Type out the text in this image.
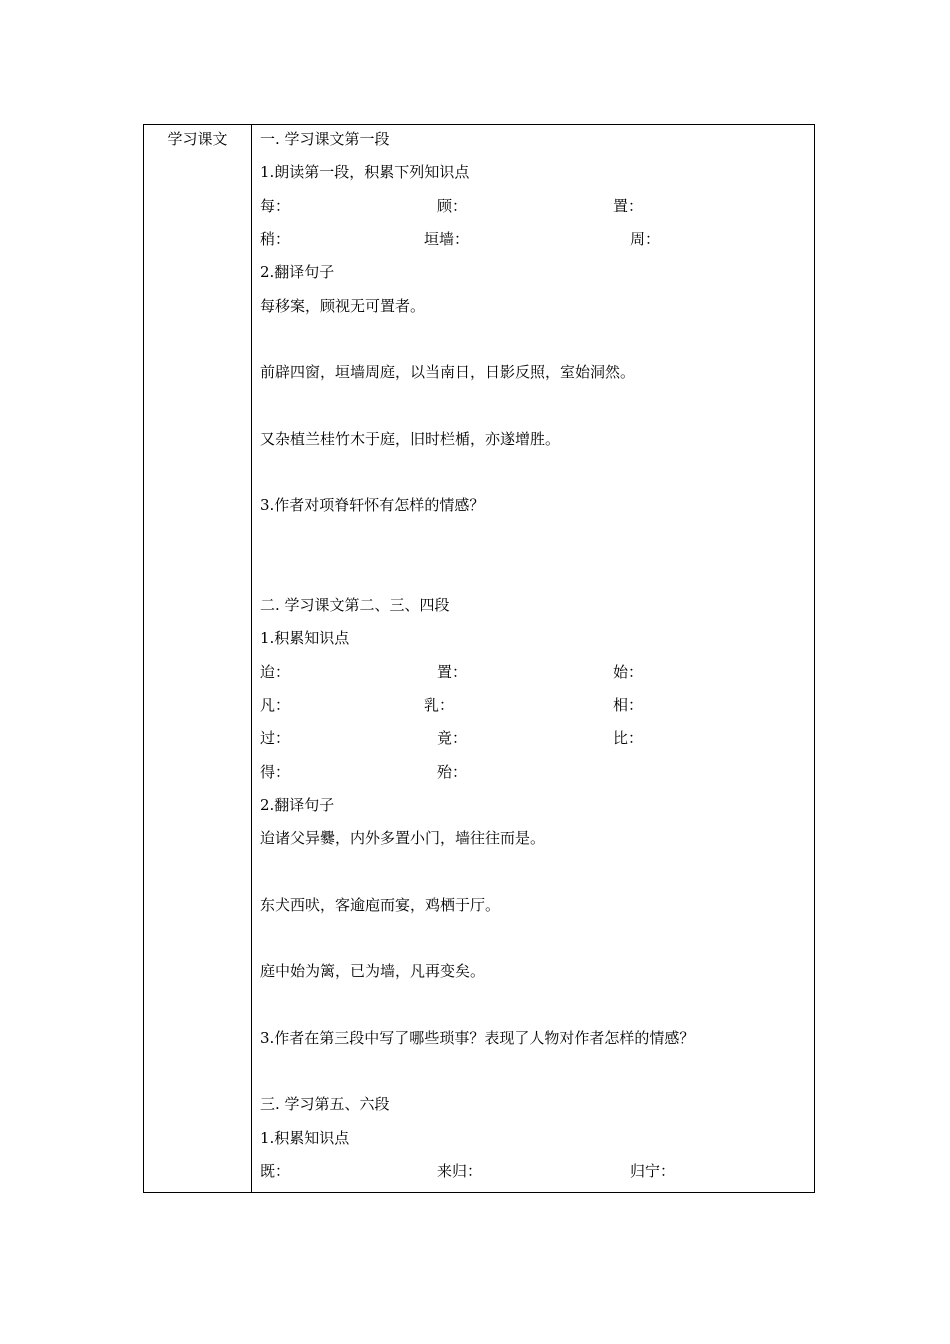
学习课文	一. 学习课文第一段
1.朗读第一段，积累下列知识点
每：	顾：	置：
稍：	垣墙：	周：
2.翻译句子
每移案，顾视无可置者。
前辟四窗，垣墙周庭，以当南日，日影反照，室始洞然。
又杂植兰桂竹木于庭，旧时栏楯，亦遂增胜。
3.作者对项脊轩怀有怎样的情感？
二. 学习课文第二、三、四段
1.积累知识点
迨：	置：	始：
凡：	乳：	相：
过：	竟：	比：
得：	殆：
2.翻译句子
迨诸父异爨，内外多置小门，墙往往而是。
东犬西吠，客逾庖而宴，鸡栖于厅。
庭中始为篱，已为墙，凡再变矣。
3.作者在第三段中写了哪些琐事？表现了人物对作者怎样的情感？
三. 学习第五、六段
1.积累知识点
既：	来归：	归宁：
